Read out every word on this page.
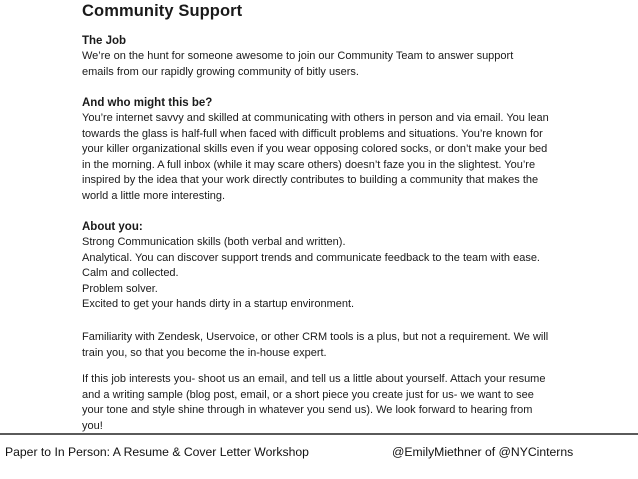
Community Support

The Job

We’re on the hunt for someone awesome to join our Community Team to answer support
emails from our rapidly growing community of bitly users.

And who might this be?

You’re internet savvy and skilled at communicating with others in person and via email. You lean
towards the glass is half-full when faced with difficult problems and situations. You’re known for
your killer organizational skills even if you wear opposing colored socks, or don’t make your bed
in the morning. A full inbox (while it may scare others) doesn’t faze you in the slightest. You’re
inspired by the idea that your work directly contributes to building a community that makes the
world a little more interesting.

About you:

Strong Communication skills (both verbal and written).
Analytical. You can discover support trends and communicate feedback to the team with ease.
Calm and collected.
Problem solver.
Excited to get your hands dirty in a startup environment.

Familiarity with Zendesk, Uservoice, or other CRM tools is a plus, but not a requirement. We will
train you, so that you become the in-house expert.

If this job interests you- shoot us an email, and tell us a little about yourself. Attach your resume
and a writing sample (blog post, email, or a short piece you create just for us- we want to see
your tone and style shine through in whatever you send us). We look forward to hearing from
you!

Paper to In Person: A Resume & Cover Letter Workshop	@EmilyMiethner of @NYCinterns
